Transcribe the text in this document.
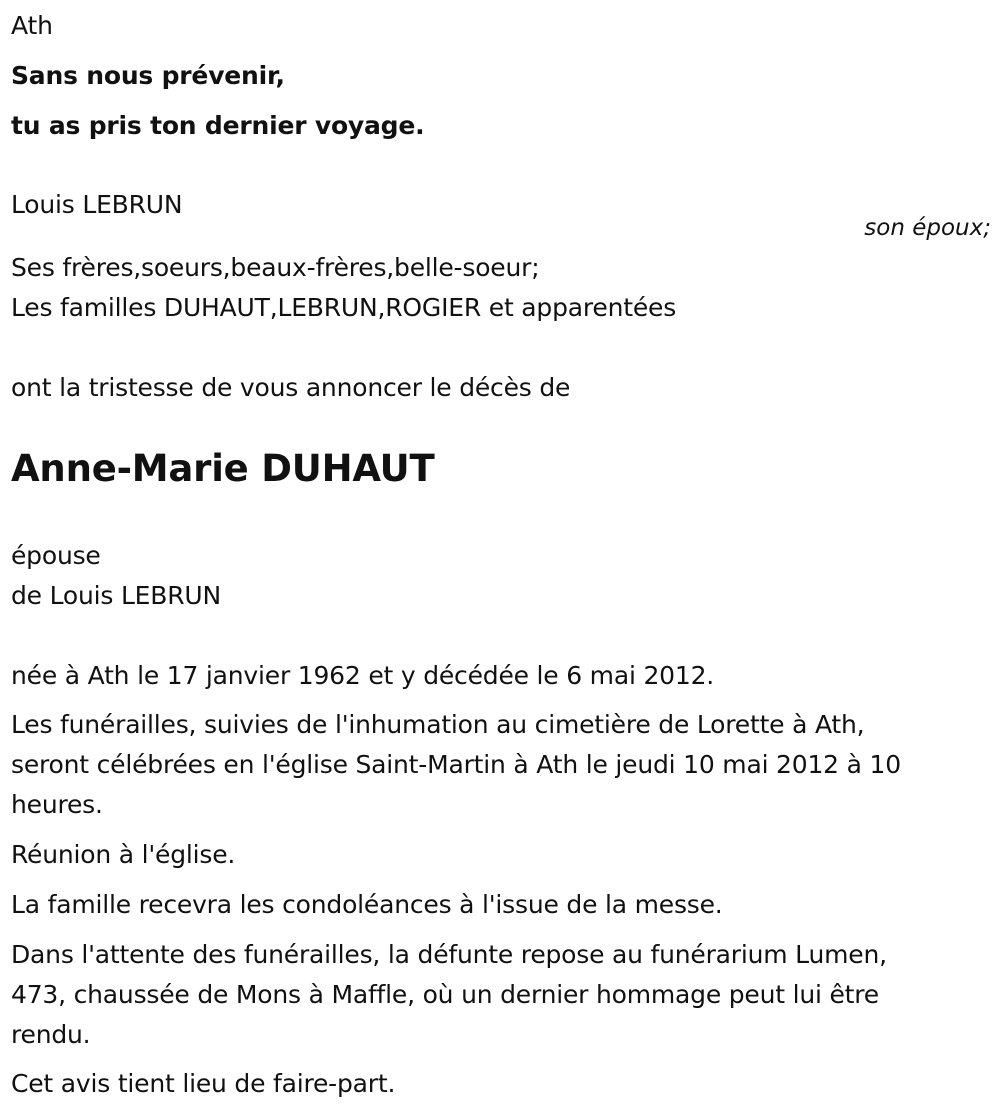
Ath
Sans nous prévenir,
tu as pris ton dernier voyage.
Louis LEBRUN
Ses frères,soeurs,beaux-frères,belle-soeur;
Les familles DUHAUT,LEBRUN,ROGIER et apparentées
ont la tristesse de vous annoncer le décès de
Anne-Marie DUHAUT
épouse
de Louis LEBRUN
née à Ath le 17 janvier 1962 et y décédée le 6 mai 2012.
Les funérailles, suivies de l'inhumation au cimetière de Lorette à Ath,
seront célébrées en l'église Saint-Martin à Ath le jeudi 10 mai 2012 à 10
heures.
Réunion à l'église.
La famille recevra les condoléances à l'issue de la messe.
Dans l'attente des funérailles, la défunte repose au funérarium Lumen,
473, chaussée de Mons à Maffle, où un dernier hommage peut lui être
rendu.
Cet avis tient lieu de faire-part.
son époux;
